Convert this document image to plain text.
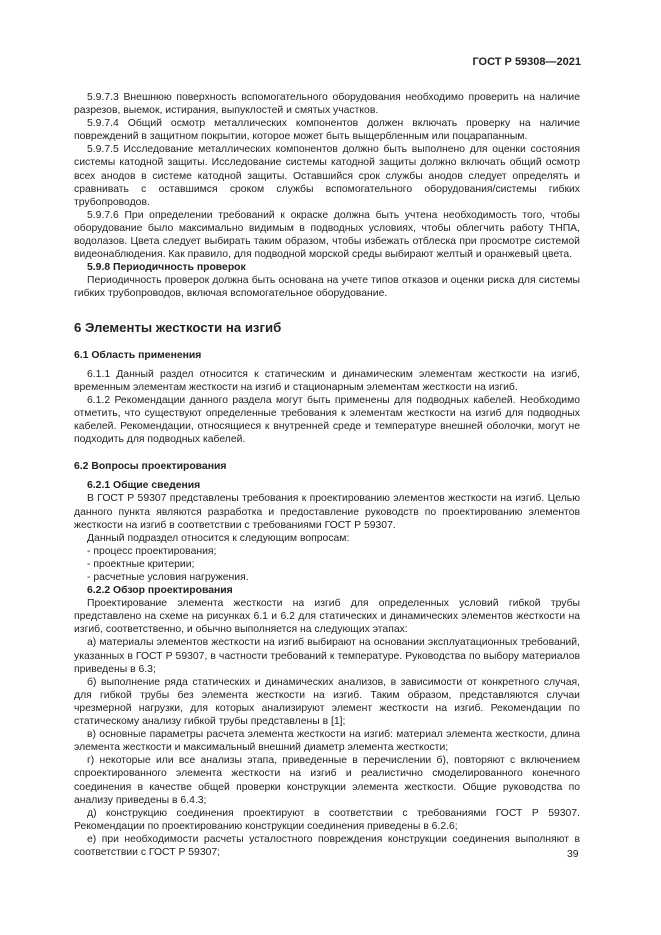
ГОСТ Р 59308—2021

5.9.7.3 Внешнюю поверхность вспомогательного оборудования необходимо проверить на наличие разрезов, выемок, истирания, выпуклостей и смятых участков.

5.9.7.4 Общий осмотр металлических компонентов должен включать проверку на наличие повреждений в защитном покрытии, которое может быть выщербленным или поцарапанным.

5.9.7.5 Исследование металлических компонентов должно быть выполнено для оценки состояния системы катодной защиты. Исследование системы катодной защиты должно включать общий осмотр всех анодов в системе катодной защиты. Оставшийся срок службы анодов следует определять и сравнивать с оставшимся сроком службы вспомогательного оборудования/системы гибких трубопроводов.

5.9.7.6 При определении требований к окраске должна быть учтена необходимость того, чтобы оборудование было максимально видимым в подводных условиях, чтобы облегчить работу ТНПА, водолазов. Цвета следует выбирать таким образом, чтобы избежать отблеска при просмотре системой видеонаблюдения. Как правило, для подводной морской среды выбирают желтый и оранжевый цвета.

5.9.8 Периодичность проверок

Периодичность проверок должна быть основана на учете типов отказов и оценки риска для системы гибких трубопроводов, включая вспомогательное оборудование.

6 Элементы жесткости на изгиб

6.1 Область применения

6.1.1 Данный раздел относится к статическим и динамическим элементам жесткости на изгиб, временным элементам жесткости на изгиб и стационарным элементам жесткости на изгиб.

6.1.2 Рекомендации данного раздела могут быть применены для подводных кабелей. Необходимо отметить, что существуют определенные требования к элементам жесткости на изгиб для подводных кабелей. Рекомендации, относящиеся к внутренней среде и температуре внешней оболочки, могут не подходить для подводных кабелей.

6.2 Вопросы проектирования

6.2.1 Общие сведения

В ГОСТ Р 59307 представлены требования к проектированию элементов жесткости на изгиб. Целью данного пункта являются разработка и предоставление руководств по проектированию элементов жесткости на изгиб в соответствии с требованиями ГОСТ Р 59307.

Данный подраздел относится к следующим вопросам:

- процесс проектирования;

- проектные критерии;

- расчетные условия нагружения.

6.2.2 Обзор проектирования

Проектирование элемента жесткости на изгиб для определенных условий гибкой трубы представлено на схеме на рисунках 6.1 и 6.2 для статических и динамических элементов жесткости на изгиб, соответственно, и обычно выполняется на следующих этапах:

а) материалы элементов жесткости на изгиб выбирают на основании эксплуатационных требований, указанных в ГОСТ Р 59307, в частности требований к температуре. Руководства по выбору материалов приведены в 6.3;

б) выполнение ряда статических и динамических анализов, в зависимости от конкретного случая, для гибкой трубы без элемента жесткости на изгиб. Таким образом, представляются случаи чрезмерной нагрузки, для которых анализируют элемент жесткости на изгиб. Рекомендации по статическому анализу гибкой трубы представлены в [1];

в) основные параметры расчета элемента жесткости на изгиб: материал элемента жесткости, длина элемента жесткости и максимальный внешний диаметр элемента жесткости;

г) некоторые или все анализы этапа, приведенные в перечислении б), повторяют с включением спроектированного элемента жесткости на изгиб и реалистично смоделированного конечного соединения в качестве общей проверки конструкции элемента жесткости. Общие руководства по анализу приведены в 6.4.3;

д) конструкцию соединения проектируют в соответствии с требованиями ГОСТ Р 59307. Рекомендации по проектированию конструкции соединения приведены в 6.2.6;

е) при необходимости расчеты усталостного повреждения конструкции соединения выполняют в соответствии с ГОСТ Р 59307;	39
